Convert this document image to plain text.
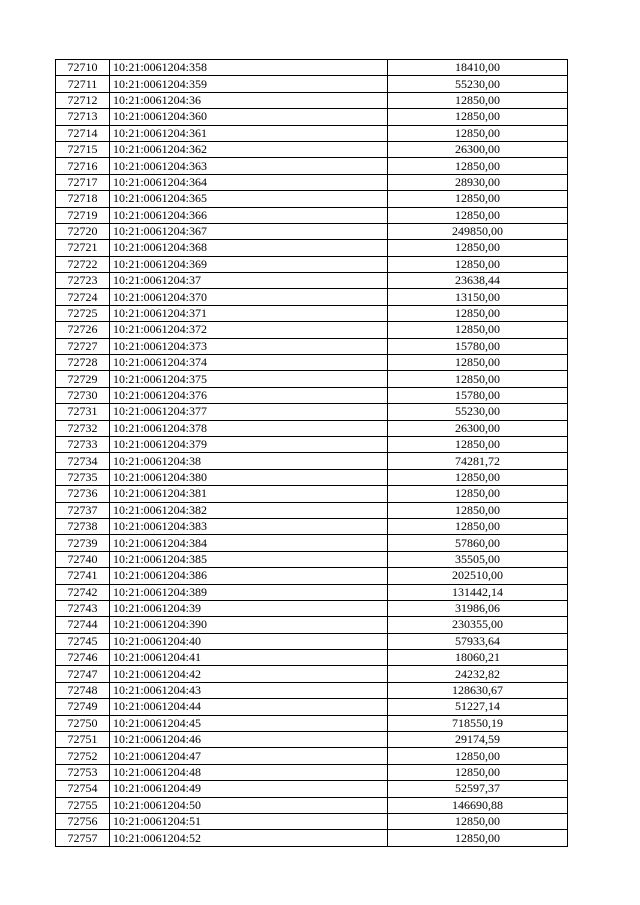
72710	10:21:0061204:358	18410,00
72711	10:21:0061204:359	55230,00
72712	10:21:0061204:36	12850,00
72713	10:21:0061204:360	12850,00
72714	10:21:0061204:361	12850,00
72715	10:21:0061204:362	26300,00
72716	10:21:0061204:363	12850,00
72717	10:21:0061204:364	28930,00
72718	10:21:0061204:365	12850,00
72719	10:21:0061204:366	12850,00
72720	10:21:0061204:367	249850,00
72721	10:21:0061204:368	12850,00
72722	10:21:0061204:369	12850,00
72723	10:21:0061204:37	23638,44
72724	10:21:0061204:370	13150,00
72725	10:21:0061204:371	12850,00
72726	10:21:0061204:372	12850,00
72727	10:21:0061204:373	15780,00
72728	10:21:0061204:374	12850,00
72729	10:21:0061204:375	12850,00
72730	10:21:0061204:376	15780,00
72731	10:21:0061204:377	55230,00
72732	10:21:0061204:378	26300,00
72733	10:21:0061204:379	12850,00
72734	10:21:0061204:38	74281,72
72735	10:21:0061204:380	12850,00
72736	10:21:0061204:381	12850,00
72737	10:21:0061204:382	12850,00
72738	10:21:0061204:383	12850,00
72739	10:21:0061204:384	57860,00
72740	10:21:0061204:385	35505,00
72741	10:21:0061204:386	202510,00
72742	10:21:0061204:389	131442,14
72743	10:21:0061204:39	31986,06
72744	10:21:0061204:390	230355,00
72745	10:21:0061204:40	57933,64
72746	10:21:0061204:41	18060,21
72747	10:21:0061204:42	24232,82
72748	10:21:0061204:43	128630,67
72749	10:21:0061204:44	51227,14
72750	10:21:0061204:45	718550,19
72751	10:21:0061204:46	29174,59
72752	10:21:0061204:47	12850,00
72753	10:21:0061204:48	12850,00
72754	10:21:0061204:49	52597,37
72755	10:21:0061204:50	146690,88
72756	10:21:0061204:51	12850,00
72757	10:21:0061204:52	12850,00
